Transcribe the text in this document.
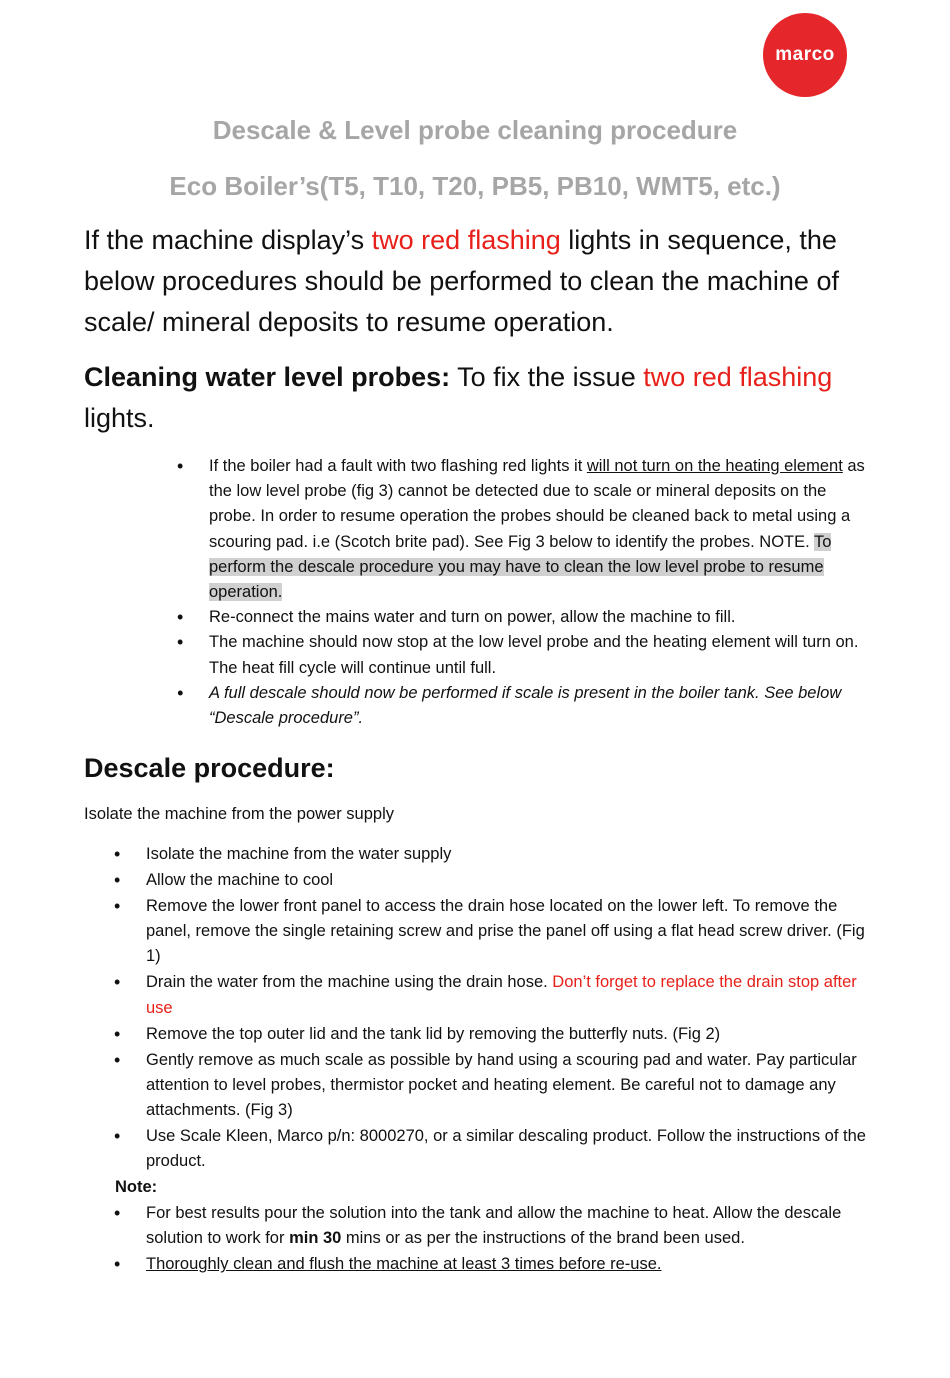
marco
Descale & Level probe cleaning procedure
Eco Boiler’s(T5, T10, T20, PB5, PB10, WMT5, etc.)
If the machine display’s two red flashing lights in sequence, the below procedures should be performed to clean the machine of scale/ mineral deposits to resume operation.
Cleaning water level probes: To fix the issue two red flashing lights.
• If the boiler had a fault with two flashing red lights it will not turn on the heating element as the low level probe (fig 3) cannot be detected due to scale or mineral deposits on the probe. In order to resume operation the probes should be cleaned back to metal using a scouring pad. i.e (Scotch brite pad). See Fig 3 below to identify the probes. NOTE. To perform the descale procedure you may have to clean the low level probe to resume operation.
• Re-connect the mains water and turn on power, allow the machine to fill.
• The machine should now stop at the low level probe and the heating element will turn on. The heat fill cycle will continue until full.
• A full descale should now be performed if scale is present in the boiler tank. See below “Descale procedure”.
Descale procedure:
Isolate the machine from the power supply
• Isolate the machine from the water supply
• Allow the machine to cool
• Remove the lower front panel to access the drain hose located on the lower left. To remove the panel, remove the single retaining screw and prise the panel off using a flat head screw driver. (Fig 1)
• Drain the water from the machine using the drain hose. Don’t forget to replace the drain stop after use
• Remove the top outer lid and the tank lid by removing the butterfly nuts. (Fig 2)
• Gently remove as much scale as possible by hand using a scouring pad and water. Pay particular attention to level probes, thermistor pocket and heating element. Be careful not to damage any attachments. (Fig 3)
• Use Scale Kleen, Marco p/n: 8000270, or a similar descaling product. Follow the instructions of the product.
Note:
• For best results pour the solution into the tank and allow the machine to heat. Allow the descale solution to work for min 30 mins or as per the instructions of the brand been used.
• Thoroughly clean and flush the machine at least 3 times before re-use.
